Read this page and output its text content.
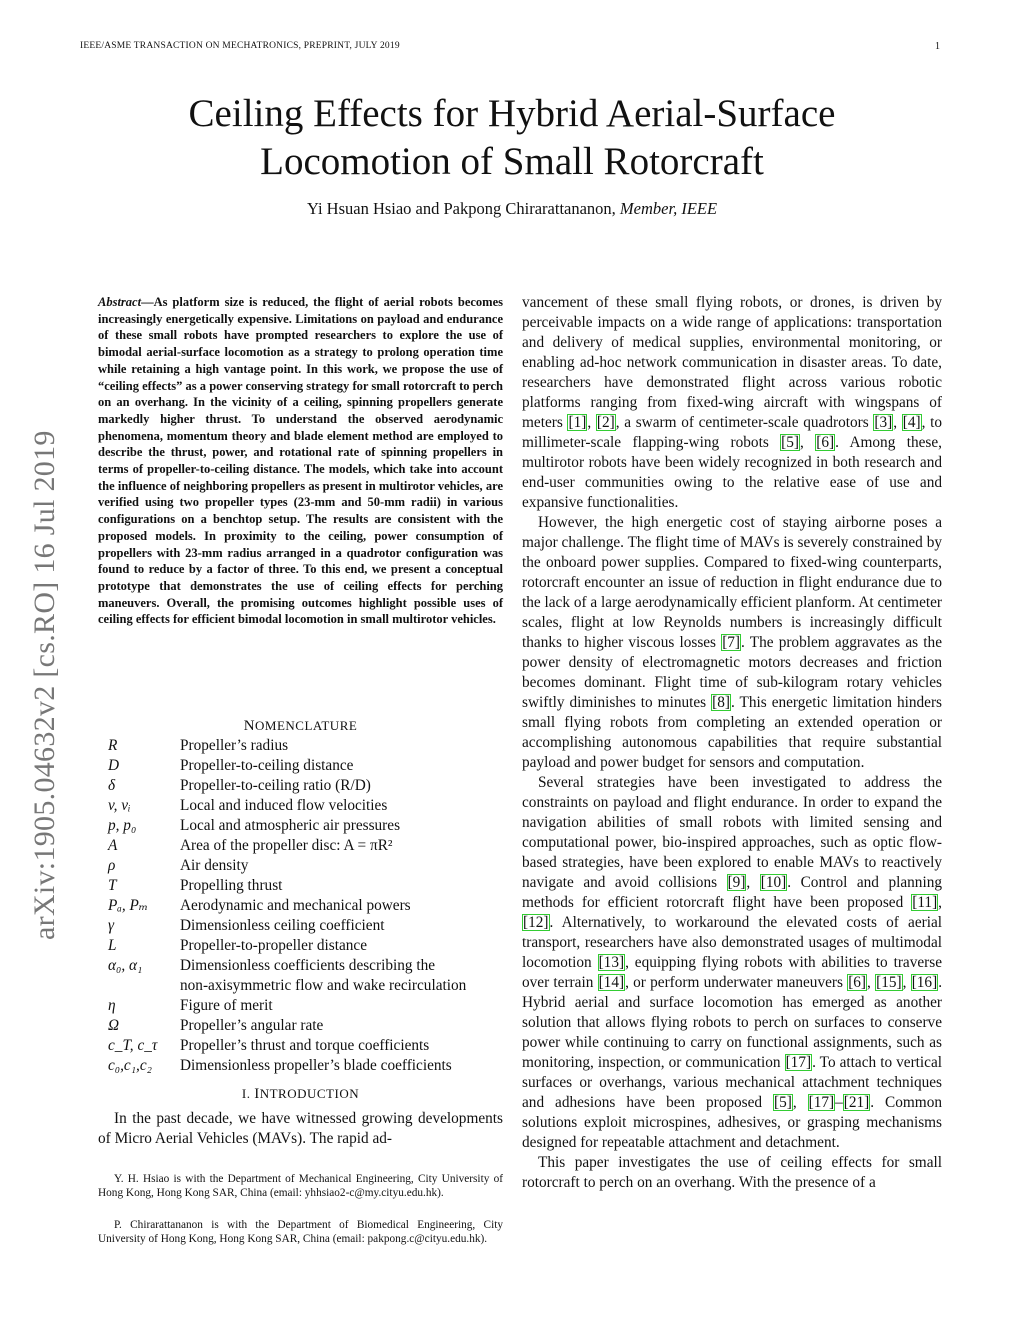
IEEE/ASME TRANSACTION ON MECHATRONICS, PREPRINT, JULY 2019	1
Ceiling Effects for Hybrid Aerial-Surface
Locomotion of Small Rotorcraft
Yi Hsuan Hsiao and Pakpong Chirarattananon, Member, IEEE
arXiv:1905.04632v2 [cs.RO] 16 Jul 2019
Abstract—As platform size is reduced, the flight of aerial robots becomes increasingly energetically expensive. Limitations on payload and endurance of these small robots have prompted researchers to explore the use of bimodal aerial-surface locomotion as a strategy to prolong operation time while retaining a high vantage point. In this work, we propose the use of “ceiling effects” as a power conserving strategy for small rotorcraft to perch on an overhang. In the vicinity of a ceiling, spinning propellers generate markedly higher thrust. To understand the observed aerodynamic phenomena, momentum theory and blade element method are employed to describe the thrust, power, and rotational rate of spinning propellers in terms of propeller-to-ceiling distance. The models, which take into account the influence of neighboring propellers as present in multirotor vehicles, are verified using two propeller types (23-mm and 50-mm radii) in various configurations on a benchtop setup. The results are consistent with the proposed models. In proximity to the ceiling, power consumption of propellers with 23-mm radius arranged in a quadrotor configuration was found to reduce by a factor of three. To this end, we present a conceptual prototype that demonstrates the use of ceiling effects for perching maneuvers. Overall, the promising outcomes highlight possible uses of ceiling effects for efficient bimodal locomotion in small multirotor vehicles.
NOMENCLATURE
R	Propeller’s radius
D	Propeller-to-ceiling distance
δ	Propeller-to-ceiling ratio (R/D)
v, vᵢ	Local and induced flow velocities
p, p₀	Local and atmospheric air pressures
A	Area of the propeller disc: A = πR²
ρ	Air density
T	Propelling thrust
Pₐ, Pₘ	Aerodynamic and mechanical powers
γ	Dimensionless ceiling coefficient
L	Propeller-to-propeller distance
α₀, α₁	Dimensionless coefficients describing the
non-axisymmetric flow and wake recirculation
η	Figure of merit
Ω	Propeller’s angular rate
c_T, c_τ	Propeller’s thrust and torque coefficients
c₀,c₁,c₂	Dimensionless propeller’s blade coefficients
I. INTRODUCTION

In the past decade, we have witnessed growing developments of Micro Aerial Vehicles (MAVs). The rapid ad-

Y. H. Hsiao is with the Department of Mechanical Engineering, City University of Hong Kong, Hong Kong SAR, China (email: yhhsiao2-c@my.cityu.edu.hk).

P. Chirarattananon is with the Department of Biomedical Engineering, City University of Hong Kong, Hong Kong SAR, China (email: pakpong.c@cityu.edu.hk).

vancement of these small flying robots, or drones, is driven by perceivable impacts on a wide range of applications: transportation and delivery of medical supplies, environmental monitoring, or enabling ad-hoc network communication in disaster areas. To date, researchers have demonstrated flight across various robotic platforms ranging from fixed-wing aircraft with wingspans of meters [1], [2], a swarm of centimeter-scale quadrotors [3], [4], to millimeter-scale flapping-wing robots [5], [6]. Among these, multirotor robots have been widely recognized in both research and end-user communities owing to the relative ease of use and expansive functionalities.

However, the high energetic cost of staying airborne poses a major challenge. The flight time of MAVs is severely constrained by the onboard power supplies. Compared to fixed-wing counterparts, rotorcraft encounter an issue of reduction in flight endurance due to the lack of a large aerodynamically efficient planform. At centimeter scales, flight at low Reynolds numbers is increasingly difficult thanks to higher viscous losses [7]. The problem aggravates as the power density of electromagnetic motors decreases and friction becomes dominant. Flight time of sub-kilogram rotary vehicles swiftly diminishes to minutes [8]. This energetic limitation hinders small flying robots from completing an extended operation or accomplishing autonomous capabilities that require substantial payload and power budget for sensors and computation.

Several strategies have been investigated to address the constraints on payload and flight endurance. In order to expand the navigation abilities of small robots with limited sensing and computational power, bio-inspired approaches, such as optic flow-based strategies, have been explored to enable MAVs to reactively navigate and avoid collisions [9], [10]. Control and planning methods for efficient rotorcraft flight have been proposed [11], [12]. Alternatively, to workaround the elevated costs of aerial transport, researchers have also demonstrated usages of multimodal locomotion [13], equipping flying robots with abilities to traverse over terrain [14], or perform underwater maneuvers [6], [15], [16]. Hybrid aerial and surface locomotion has emerged as another solution that allows flying robots to perch on surfaces to conserve power while continuing to carry on functional assignments, such as monitoring, inspection, or communication [17]. To attach to vertical surfaces or overhangs, various mechanical attachment techniques and adhesions have been proposed [5], [17]–[21]. Common solutions exploit microspines, adhesives, or grasping mechanisms designed for repeatable attachment and detachment.

This paper investigates the use of ceiling effects for small rotorcraft to perch on an overhang. With the presence of a
